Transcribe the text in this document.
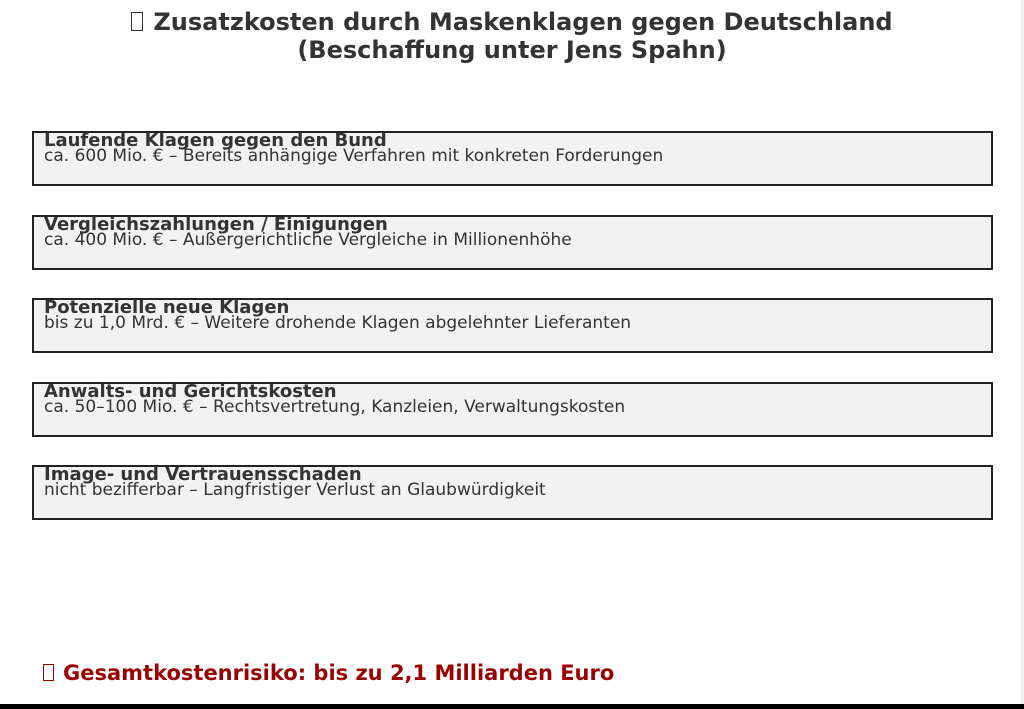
Zusatzkosten durch Maskenklagen gegen Deutschland
(Beschaffung unter Jens Spahn)
Laufende Klagen gegen den Bund
ca. 600 Mio. € – Bereits anhängige Verfahren mit konkreten Forderungen
Vergleichszahlungen / Einigungen
ca. 400 Mio. € – Außergerichtliche Vergleiche in Millionenhöhe
Potenzielle neue Klagen
bis zu 1,0 Mrd. € – Weitere drohende Klagen abgelehnter Lieferanten
Anwalts- und Gerichtskosten
ca. 50–100 Mio. € – Rechtsvertretung, Kanzleien, Verwaltungskosten
Image- und Vertrauensschaden
nicht bezifferbar – Langfristiger Verlust an Glaubwürdigkeit
Gesamtkostenrisiko: bis zu 2,1 Milliarden Euro
